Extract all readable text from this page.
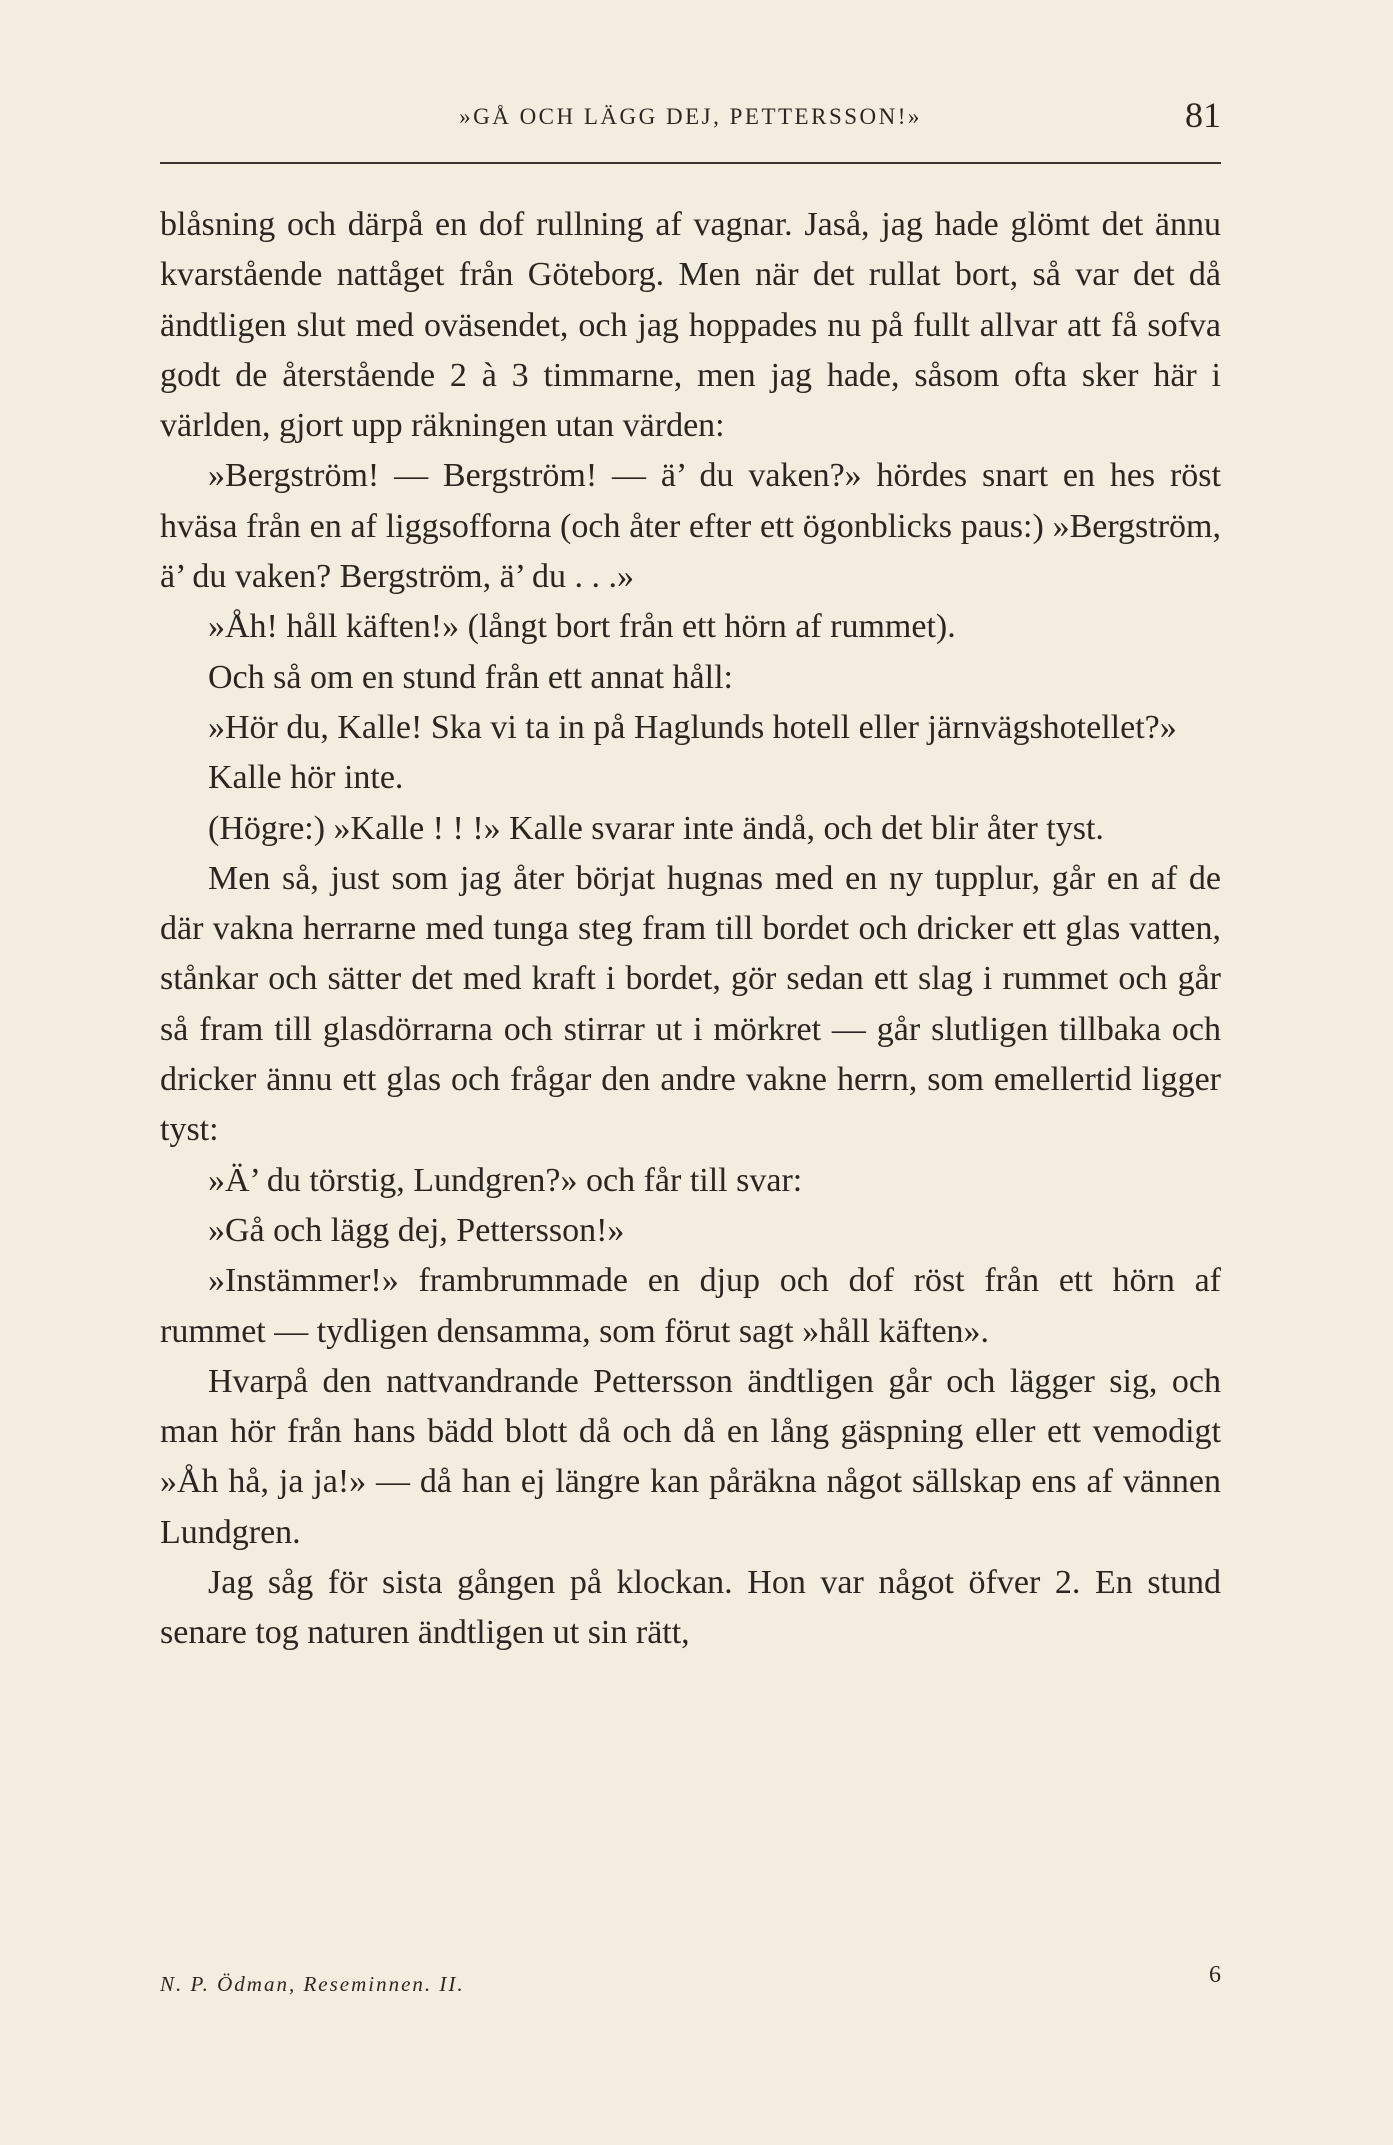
»GÅ OCH LÄGG DEJ, PETTERSSON!»	81

blåsning och därpå en dof rullning af vagnar. Jaså, jag hade glömt det ännu kvarstående nattåget från Göteborg. Men när det rullat bort, så var det då ändtligen slut med oväsendet, och jag hoppades nu på fullt allvar att få sofva godt de återstående 2 à 3 timmarne, men jag hade, såsom ofta sker här i världen, gjort upp räkningen utan värden:

»Bergström! — Bergström! — ä’ du vaken?» hördes snart en hes röst hväsa från en af liggsofforna (och åter efter ett ögonblicks paus:) »Bergström, ä’ du vaken? Bergström, ä’ du . . .»

»Åh! håll käften!» (långt bort från ett hörn af rummet).

Och så om en stund från ett annat håll:

»Hör du, Kalle! Ska vi ta in på Haglunds hotell eller järnvägshotellet?»

Kalle hör inte.

(Högre:) »Kalle ! ! !» Kalle svarar inte ändå, och det blir åter tyst.

Men så, just som jag åter börjat hugnas med en ny tupplur, går en af de där vakna herrarne med tunga steg fram till bordet och dricker ett glas vatten, stånkar och sätter det med kraft i bordet, gör sedan ett slag i rummet och går så fram till glasdörrarna och stirrar ut i mörkret — går slutligen tillbaka och dricker ännu ett glas och frågar den andre vakne herrn, som emellertid ligger tyst:

»Ä’ du törstig, Lundgren?» och får till svar:

»Gå och lägg dej, Pettersson!»

»Instämmer!» frambrummade en djup och dof röst från ett hörn af rummet — tydligen densamma, som förut sagt »håll käften».

Hvarpå den nattvandrande Pettersson ändtligen går och lägger sig, och man hör från hans bädd blott då och då en lång gäspning eller ett vemodigt »Åh hå, ja ja!» — då han ej längre kan påräkna något sällskap ens af vännen Lundgren.

Jag såg för sista gången på klockan. Hon var något öfver 2. En stund senare tog naturen ändtligen ut sin rätt,

N. P. Ödman, Reseminnen. II.	6
